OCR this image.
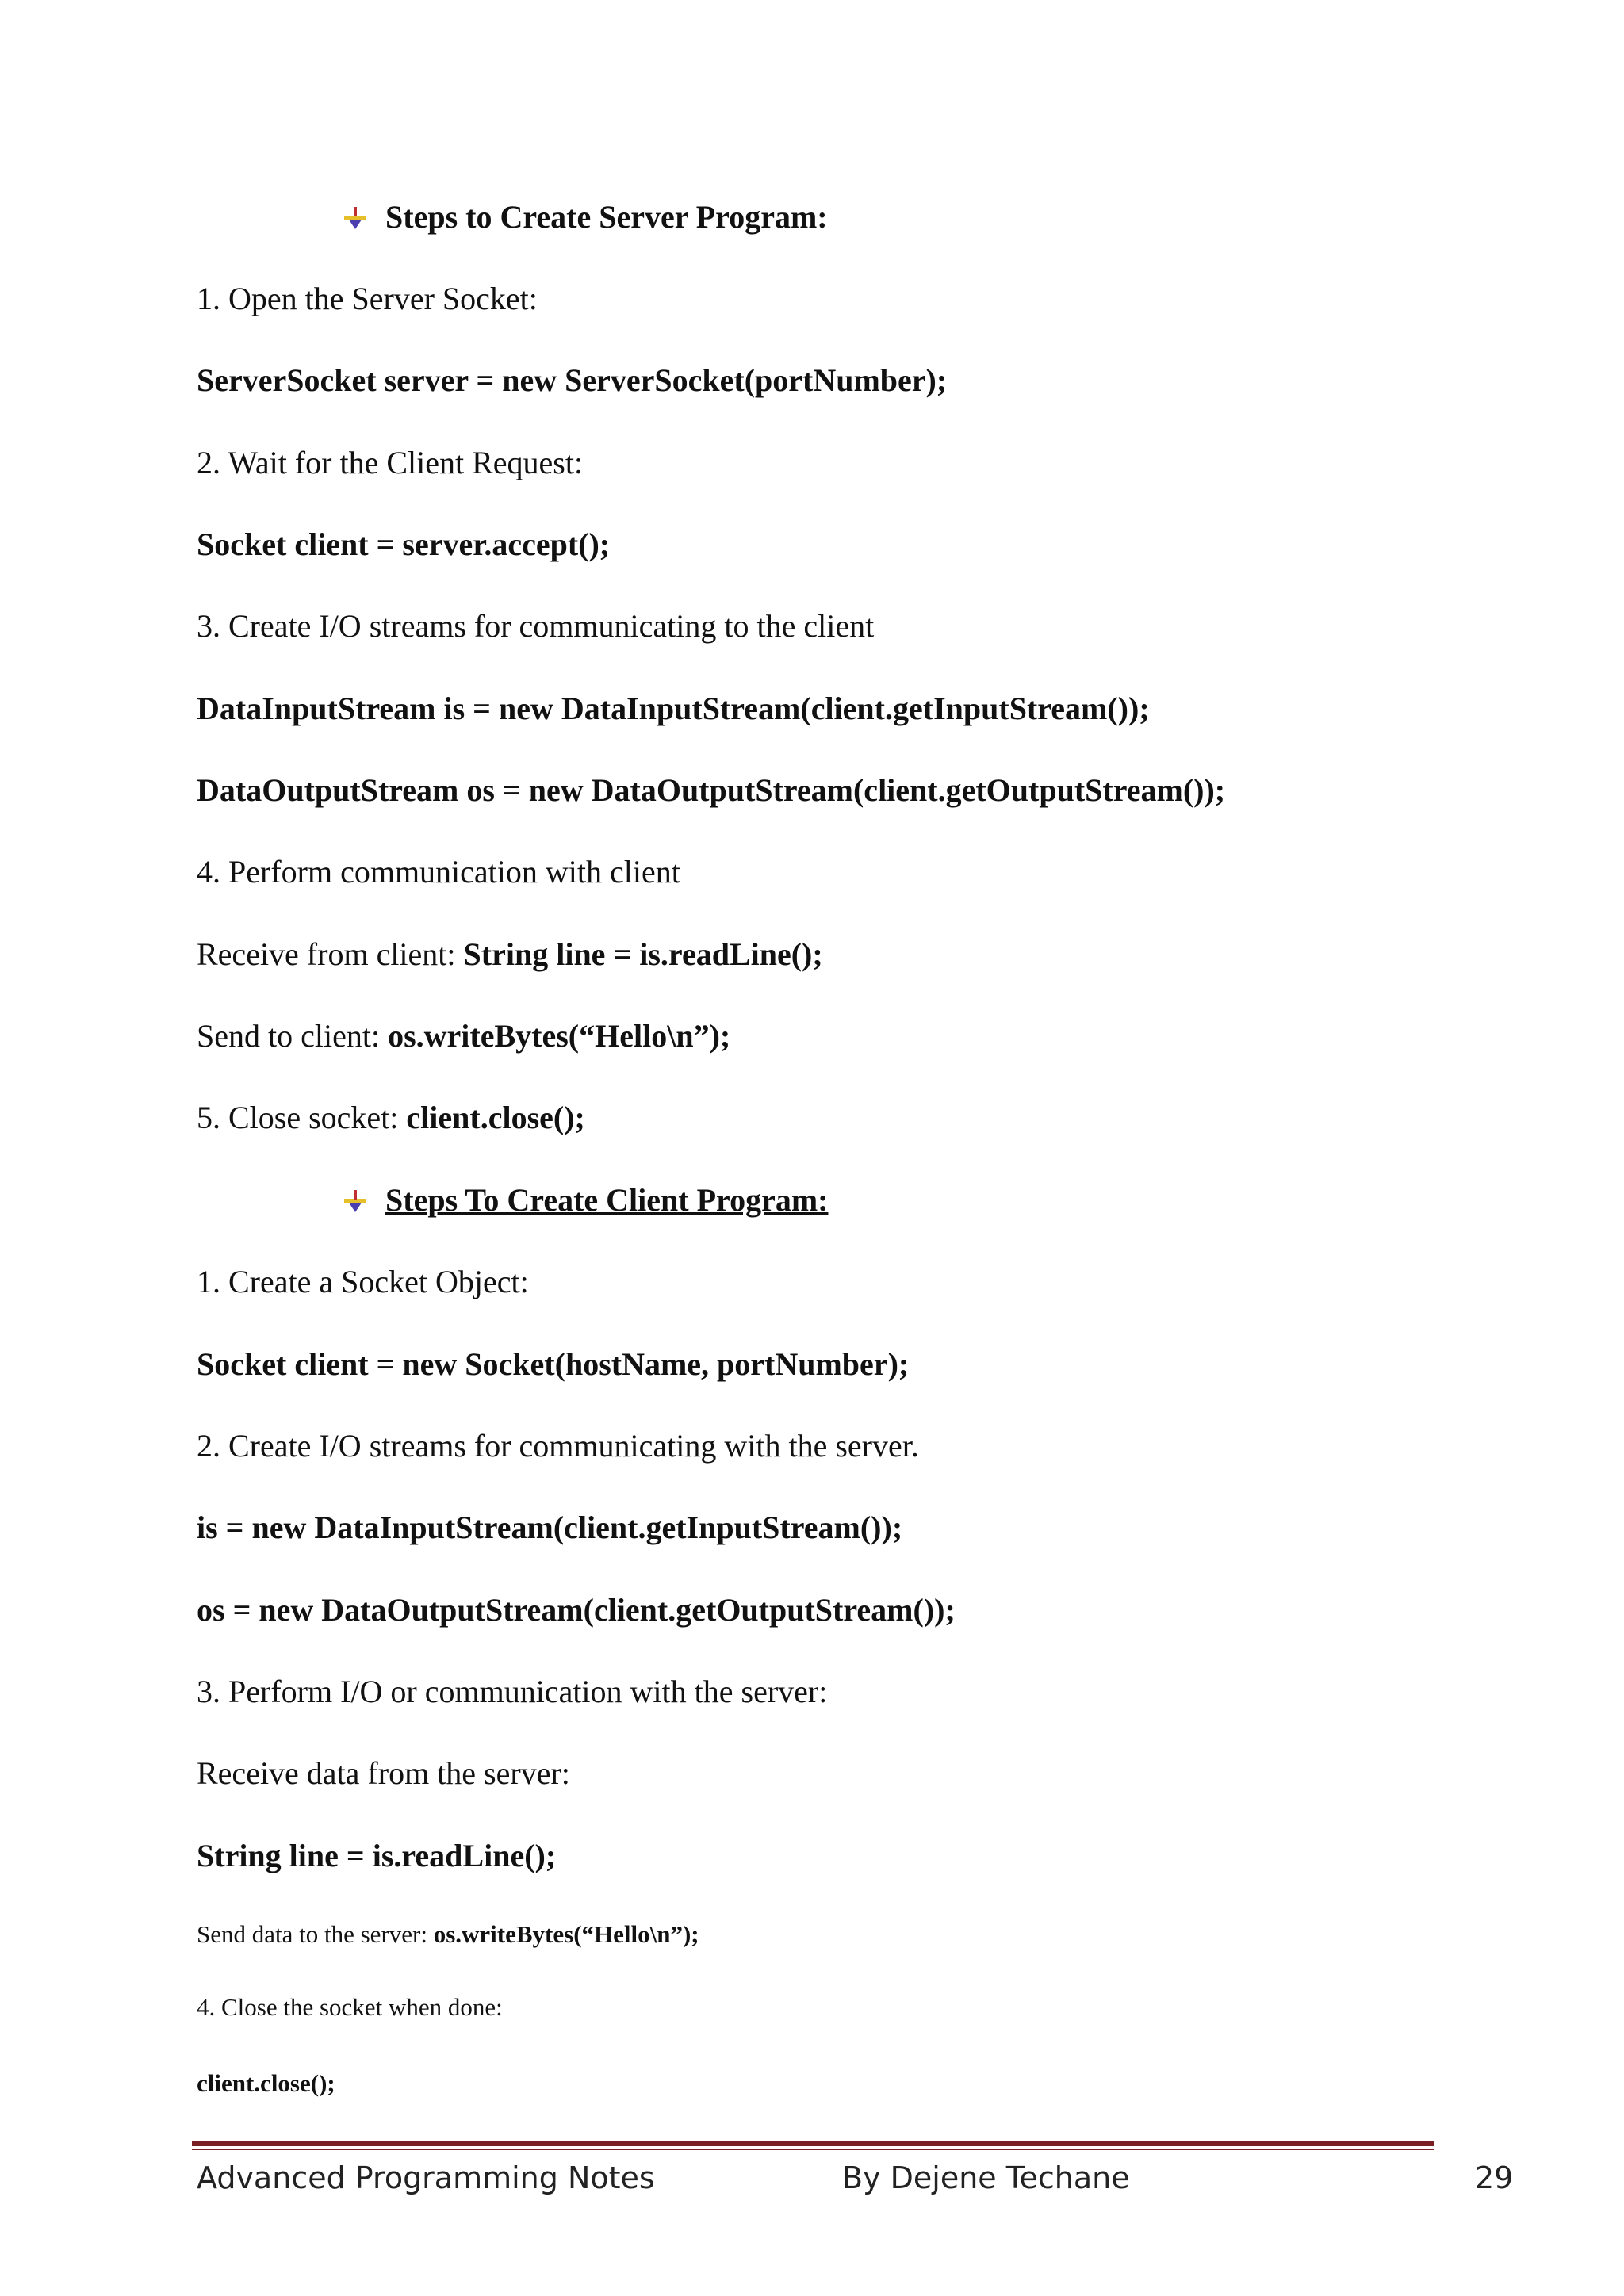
Steps to Create Server Program:
1. Open the Server Socket:
ServerSocket server = new ServerSocket(portNumber);
2. Wait for the Client Request:
Socket client = server.accept();
3. Create I/O streams for communicating to the client
DataInputStream is = new DataInputStream(client.getInputStream());
DataOutputStream os = new DataOutputStream(client.getOutputStream());
4. Perform communication with client
Receive from client: String line = is.readLine();
Send to client: os.writeBytes(“Hello\n”);
5. Close socket: client.close();
Steps To Create Client Program:
1. Create a Socket Object:
Socket client = new Socket(hostName, portNumber);
2. Create I/O streams for communicating with the server.
is = new DataInputStream(client.getInputStream());
os = new DataOutputStream(client.getOutputStream());
3. Perform I/O or communication with the server:
Receive data from the server:
String line = is.readLine();
Send data to the server: os.writeBytes(“Hello\n”);
4. Close the socket when done:
client.close();
Advanced Programming Notes	By Dejene Techane	29
